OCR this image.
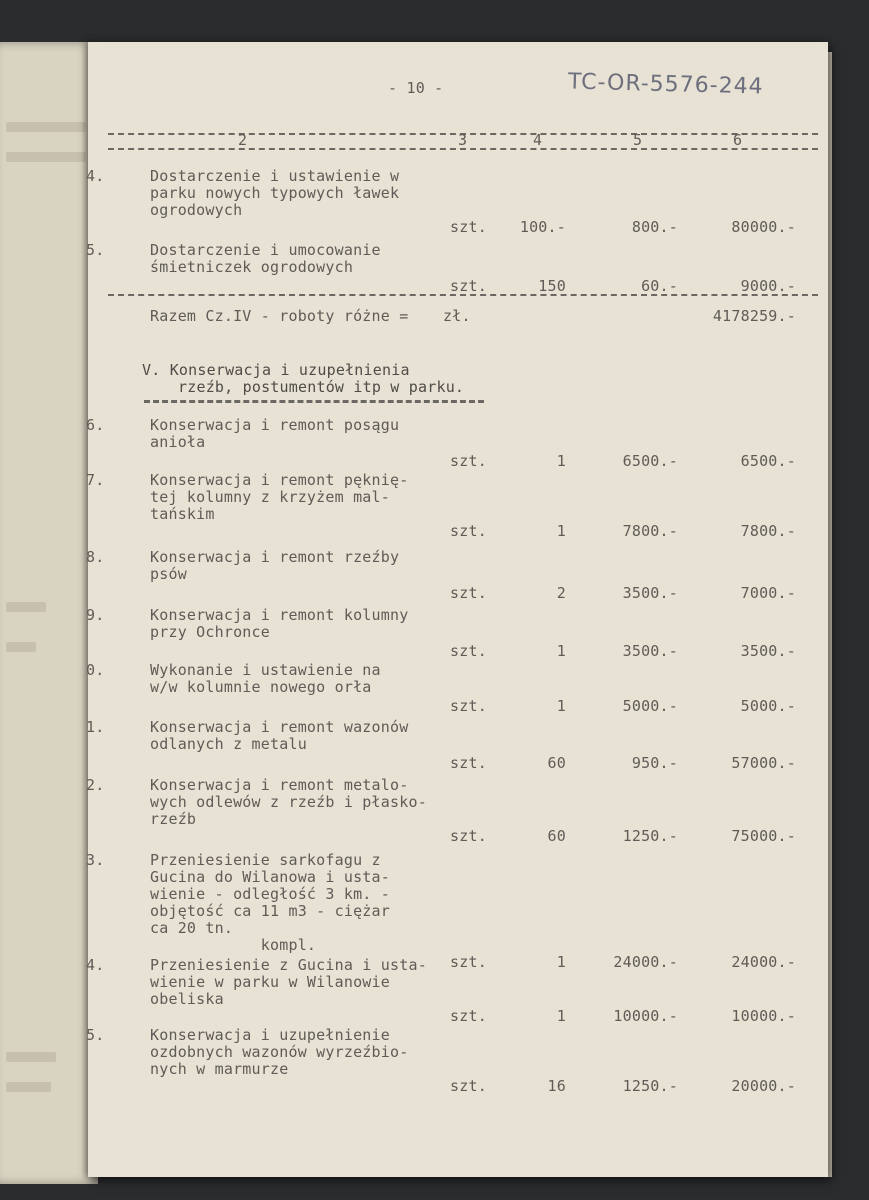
- 10 -	TC-OR-5576-244
2	3	4	5	6
4.	Dostarczenie i ustawienie w
parku nowych typowych ławek
ogrodowych
szt. 100.-	800.-	80000.-
5.	Dostarczenie i umocowanie
śmietniczek ogrodowych
szt.	150	60.-	9000.-
Razem Cz.IV - roboty różne = zł.	4178259.-
V. Konserwacja i uzupełnienia
rzeźb, postumentów itp w parku.
6.	Konserwacja i remont posągu
anioła
szt.	1	6500.-	6500.-
7.	Konserwacja i remont pęknię-
tej kolumny z krzyżem mal-
tańskim
szt.	1	7800.-	7800.-
8.	Konserwacja i remont rzeźby
psów
szt.	2	3500.-	7000.-
9.	Konserwacja i remont kolumny
przy Ochronce
szt.	1	3500.-	3500.-
0.	Wykonanie i ustawienie na
w/w kolumnie nowego orła
szt.	1	5000.-	5000.-
1.	Konserwacja i remont wazonów
odlanych z metalu
szt.	60	950.-	57000.-
2.	Konserwacja i remont metalo-
wych odlewów z rzeźb i płasko-
rzeźb
szt.	60	1250.-	75000.-
3.	Przeniesienie sarkofagu z
Gucina do Wilanowa i usta-
wienie - odległość 3 km. -
objętość ca 11 m3 - ciężar
ca 20 tn.
kompl.
szt.	1	24000.-	24000.-
4.	Przeniesienie z Gucina i usta-
wienie w parku w Wilanowie
obeliska
szt.	1	10000.-	10000.-
5.	Konserwacja i uzupełnienie
ozdobnych wazonów wyrzeźbio-
nych w marmurze
szt.	16	1250.-	20000.-
